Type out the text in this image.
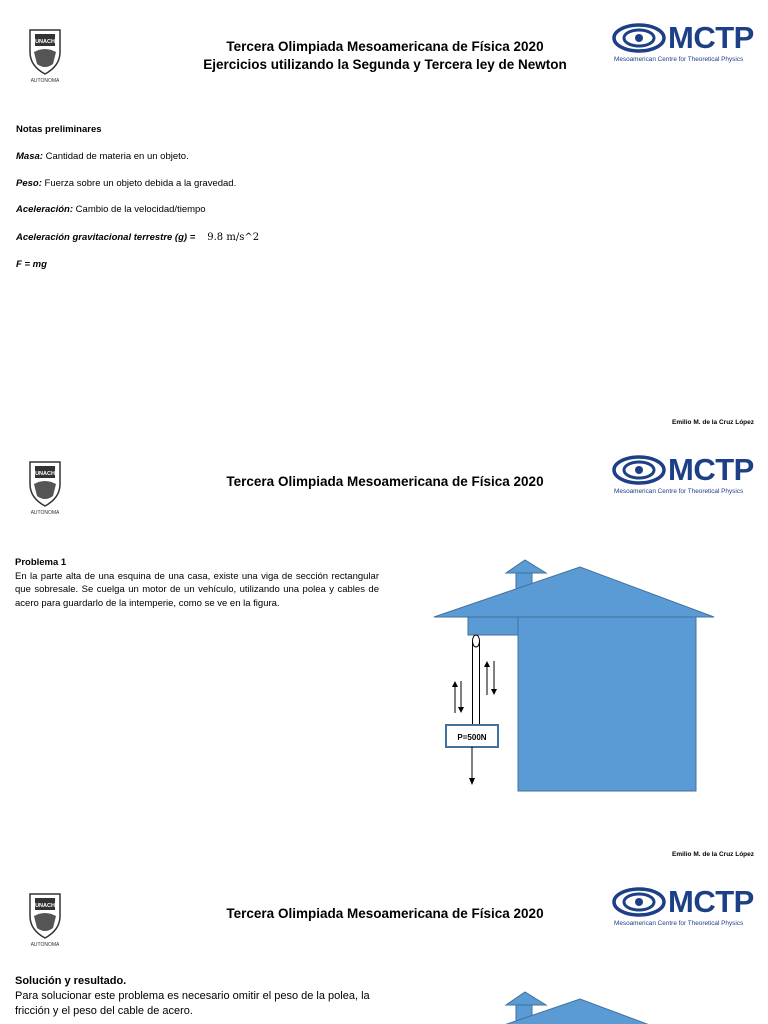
UNACH
AUTONOMA
Tercera Olimpiada Mesoamericana de Física 2020
Ejercicios utilizando la Segunda y Tercera ley de Newton
MCTP
Mesoamerican Centre for Theoretical Physics
Notas preliminares
Masa: Cantidad de materia en un objeto.
Peso: Fuerza sobre un objeto debida a la gravedad.
Aceleración: Cambio de la velocidad/tiempo
Aceleración gravitacional terrestre (g) = 9.8 m/s^2
F = mg
Emilio M. de la Cruz López
UNACH
AUTONOMA
Tercera Olimpiada Mesoamericana de Física 2020	MCTP
Mesoamerican Centre for Theoretical Physics
Problema 1
En la parte alta de una esquina de una casa, existe una viga de sección rectangular que sobresale. Se cuelga un motor de un vehículo, utilizando una polea y cables de acero para guardarlo de la intemperie, como se ve en la figura.
P=500N
Emilio M. de la Cruz López
UNACH
AUTONOMA
Tercera Olimpiada Mesoamericana de Física 2020	MCTP
Mesoamerican Centre for Theoretical Physics
Solución y resultado.
Para solucionar este problema es necesario omitir el peso de la polea, la fricción y el peso del cable de acero.
